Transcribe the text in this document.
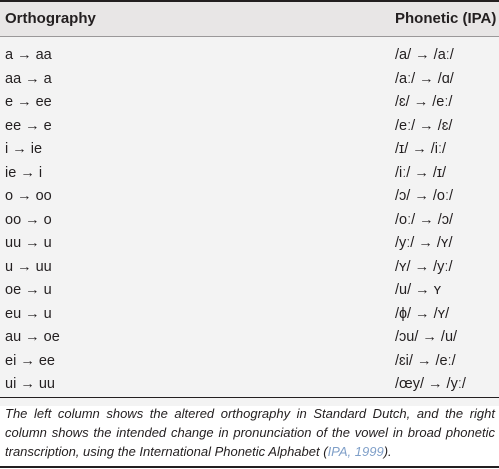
Orthography	Phonetic (IPA)
a → aa	/a/ → /aː/
aa → a	/aː/ → /ɑ/
e → ee	/ɛ/ → /eː/
ee → e	/eː/ → /ɛ/
i → ie	/ɪ/ → /iː/
ie → i	/iː/ → /ɪ/
o → oo	/ɔ/ → /oː/
oo → o	/oː/ → /ɔ/
uu → u	/yː/ → /ʏ/
u → uu	/ʏ/ → /yː/
oe → u	/u/ → ʏ
eu → u	/ɸ/ → /ʏ/
au → oe	/ɔu/ → /u/
ei → ee	/ɛi/ → /eː/
ui → uu	/œy/ → /yː/
The left column shows the altered orthography in Standard Dutch, and the right column shows the intended change in pronunciation of the vowel in broad phonetic transcription, using the International Phonetic Alphabet (IPA, 1999).
